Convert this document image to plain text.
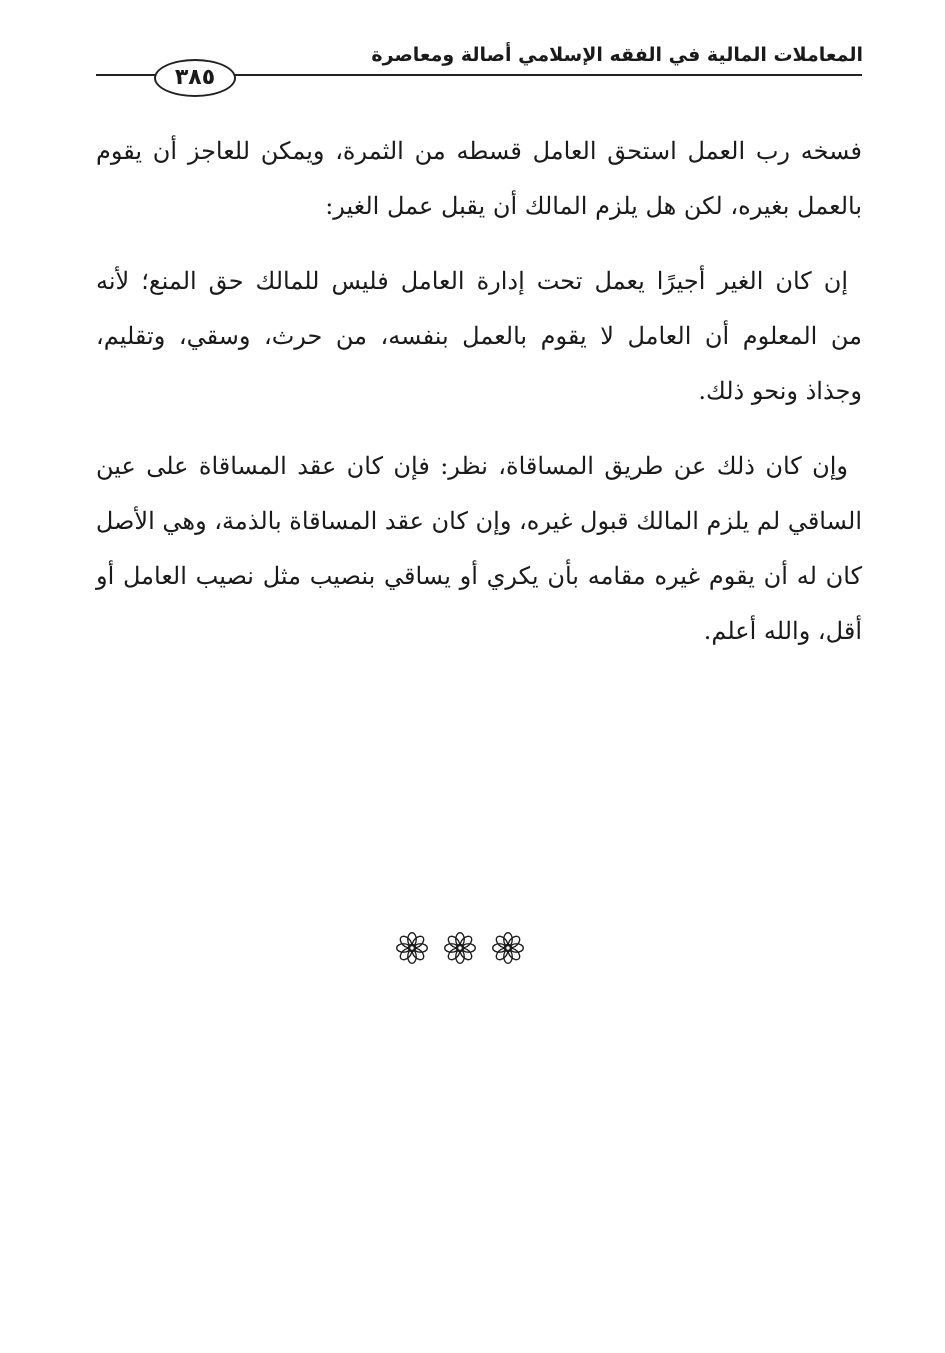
المعاملات المالية في الفقه الإسلامي أصالة ومعاصرة
٣٨٥

فسخه رب العمل استحق العامل قسطه من الثمرة، ويمكن للعاجز أن يقوم
بالعمل بغيره، لكن هل يلزم المالك أن يقبل عمل الغير:

إن كان الغير أجيرًا يعمل تحت إدارة العامل فليس للمالك حق المنع؛ لأنه
من المعلوم أن العامل لا يقوم بالعمل بنفسه، من حرث، وسقي، وتقليم،
وجذاذ ونحو ذلك.

وإن كان ذلك عن طريق المساقاة، نظر: فإن كان عقد المساقاة على عين
الساقي لم يلزم المالك قبول غيره، وإن كان عقد المساقاة بالذمة، وهي الأصل
كان له أن يقوم غيره مقامه بأن يكري أو يساقي بنصيب مثل نصيب العامل أو
أقل، والله أعلم.
